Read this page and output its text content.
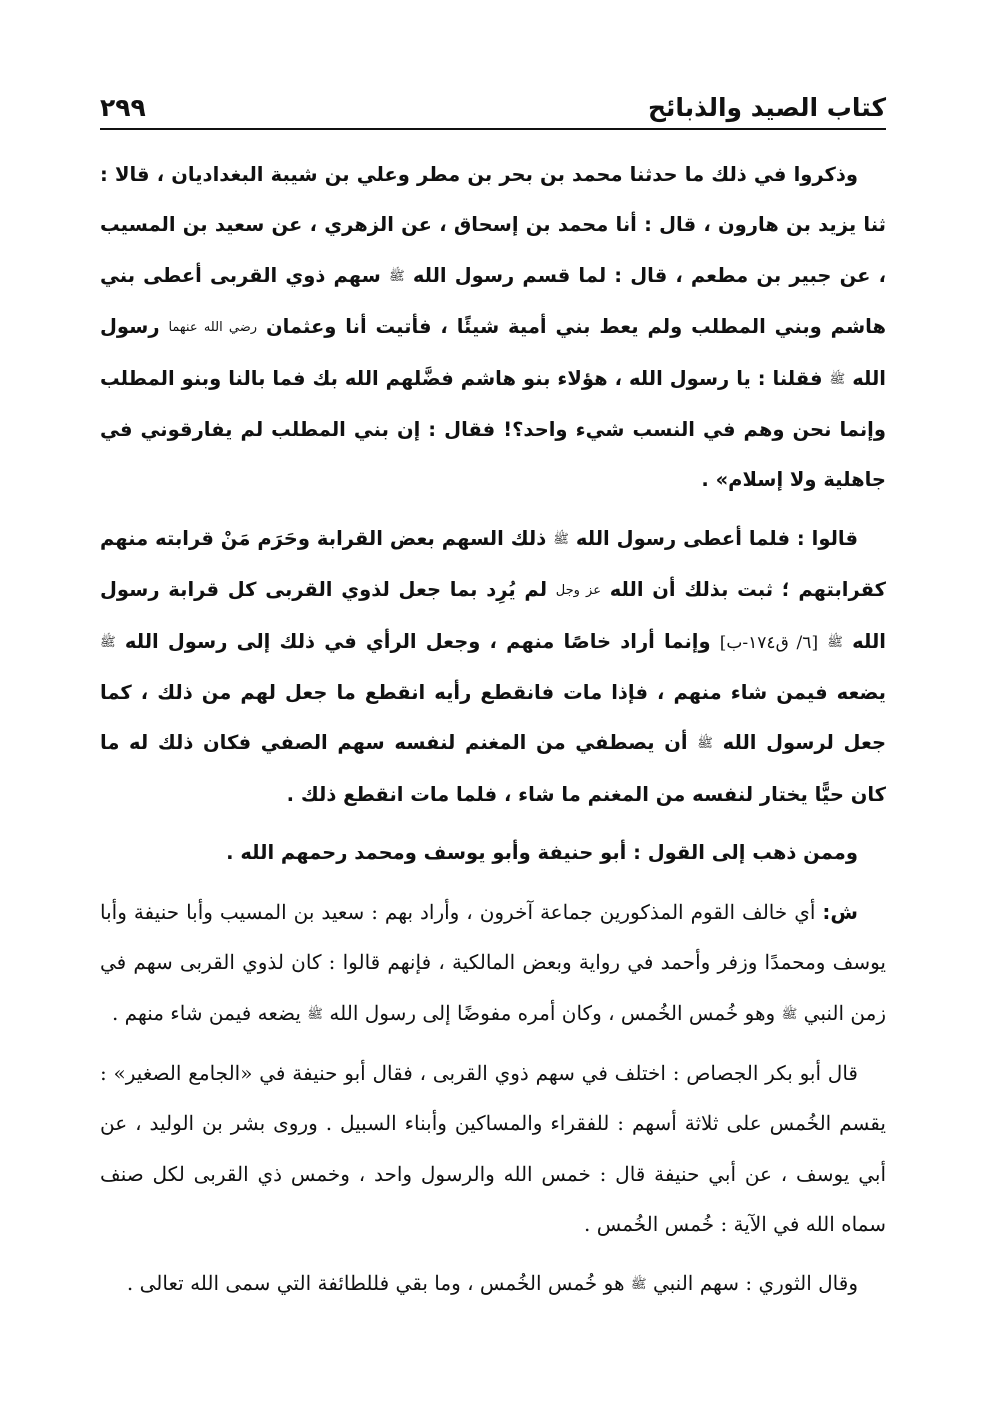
كتاب الصيد والذبائح
٢٩٩

وذكروا في ذلك ما حدثنا محمد بن بحر بن مطر وعلي بن شيبة البغداديان ، قالا : ثنا يزيد بن هارون ، قال : أنا محمد بن إسحاق ، عن الزهري ، عن سعيد بن المسيب ، عن جبير بن مطعم ، قال : لما قسم رسول الله ﷺ سهم ذوي القربى أعطى بني هاشم وبني المطلب ولم يعط بني أمية شيئًا ، فأتيت أنا وعثمان رضي الله عنهما رسول الله ﷺ فقلنا : يا رسول الله ، هؤلاء بنو هاشم فضَّلهم الله بك فما بالنا وبنو المطلب وإنما نحن وهم في النسب شيء واحد؟! فقال : إن بني المطلب لم يفارقوني في جاهلية ولا إسلام» .

قالوا : فلما أعطى رسول الله ﷺ ذلك السهم بعض القرابة وحَرَم مَنْ قرابته منهم كقرابتهم ؛ ثبت بذلك أن الله عز وجل لم يُرِد بما جعل لذوي القربى كل قرابة رسول الله ﷺ [٦/ ق١٧٤-ب] وإنما أراد خاصًا منهم ، وجعل الرأي في ذلك إلى رسول الله ﷺ يضعه فيمن شاء منهم ، فإذا مات فانقطع رأيه انقطع ما جعل لهم من ذلك ، كما جعل لرسول الله ﷺ أن يصطفي من المغنم لنفسه سهم الصفي فكان ذلك له ما كان حيًّا يختار لنفسه من المغنم ما شاء ، فلما مات انقطع ذلك .

وممن ذهب إلى القول : أبو حنيفة وأبو يوسف ومحمد رحمهم الله .

ش: أي خالف القوم المذكورين جماعة آخرون ، وأراد بهم : سعيد بن المسيب وأبا حنيفة وأبا يوسف ومحمدًا وزفر وأحمد في رواية وبعض المالكية ، فإنهم قالوا : كان لذوي القربى سهم في زمن النبي ﷺ وهو خُمس الخُمس ، وكان أمره مفوضًا إلى رسول الله ﷺ يضعه فيمن شاء منهم .

قال أبو بكر الجصاص : اختلف في سهم ذوي القربى ، فقال أبو حنيفة في «الجامع الصغير» : يقسم الخُمس على ثلاثة أسهم : للفقراء والمساكين وأبناء السبيل . وروى بشر بن الوليد ، عن أبي يوسف ، عن أبي حنيفة قال : خمس الله والرسول واحد ، وخمس ذي القربى لكل صنف سماه الله في الآية : خُمس الخُمس .

وقال الثوري : سهم النبي ﷺ هو خُمس الخُمس ، وما بقي فللطائفة التي سمى الله تعالى .
